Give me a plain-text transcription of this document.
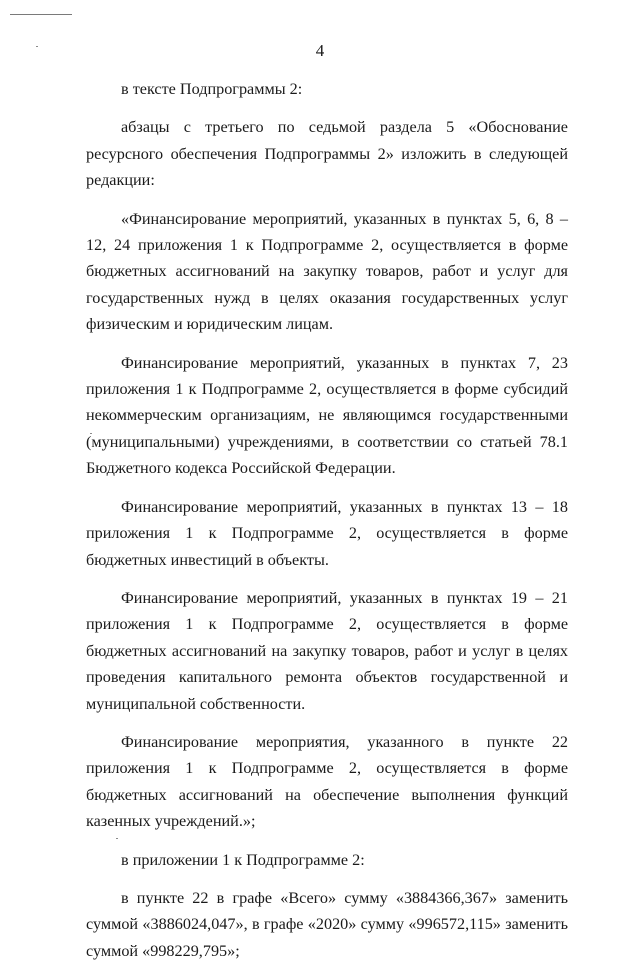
4

в тексте Подпрограммы 2:

абзацы с третьего по седьмой раздела 5 «Обоснование ресурсного обеспечения Подпрограммы 2» изложить в следующей редакции:

«Финансирование мероприятий, указанных в пунктах 5, 6, 8 – 12, 24 приложения 1 к Подпрограмме 2, осуществляется в форме бюджетных ассигнований на закупку товаров, работ и услуг для государственных нужд в целях оказания государственных услуг физическим и юридическим лицам.

Финансирование мероприятий, указанных в пунктах 7, 23 приложения 1 к Подпрограмме 2, осуществляется в форме субсидий некоммерческим организациям, не являющимся государственными (муниципальными) учреждениями, в соответствии со статьей 78.1 Бюджетного кодекса Российской Федерации.

Финансирование мероприятий, указанных в пунктах 13 – 18 приложения 1 к Подпрограмме 2, осуществляется в форме бюджетных инвестиций в объекты.

Финансирование мероприятий, указанных в пунктах 19 – 21 приложения 1 к Подпрограмме 2, осуществляется в форме бюджетных ассигнований на закупку товаров, работ и услуг в целях проведения капитального ремонта объектов государственной и муниципальной собственности.

Финансирование мероприятия, указанного в пункте 22 приложения 1 к Подпрограмме 2, осуществляется в форме бюджетных ассигнований на обеспечение выполнения функций казенных учреждений.»;

в приложении 1 к Подпрограмме 2:

в пункте 22 в графе «Всего» сумму «3884366,367» заменить суммой «3886024,047», в графе «2020» сумму «996572,115» заменить суммой «998229,795»;
